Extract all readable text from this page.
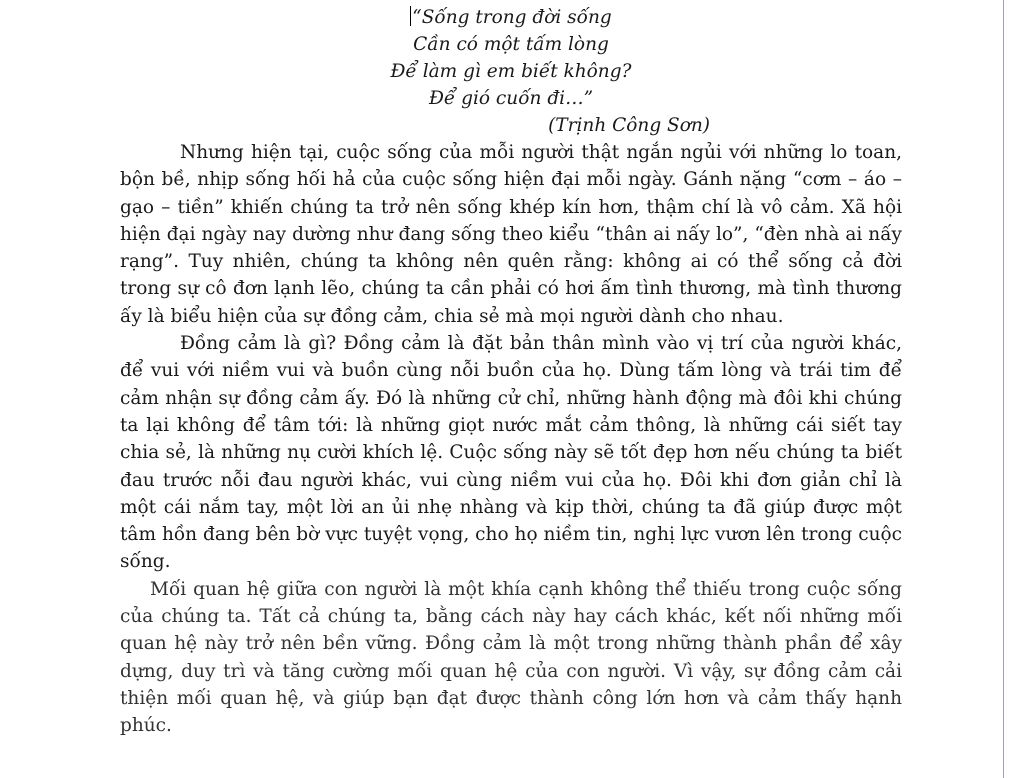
“Sống trong đời sống
Cần có một tấm lòng
Để làm gì em biết không?
Để gió cuốn đi…”
(Trịnh Công Sơn)

Nhưng hiện tại, cuộc sống của mỗi người thật ngắn ngủi với những lo toan, bộn bề, nhịp sống hối hả của cuộc sống hiện đại mỗi ngày. Gánh nặng “cơm – áo – gạo – tiền” khiến chúng ta trở nên sống khép kín hơn, thậm chí là vô cảm. Xã hội hiện đại ngày nay dường như đang sống theo kiểu “thân ai nấy lo”, “đèn nhà ai nấy rạng”. Tuy nhiên, chúng ta không nên quên rằng: không ai có thể sống cả đời trong sự cô đơn lạnh lẽo, chúng ta cần phải có hơi ấm tình thương, mà tình thương ấy là biểu hiện của sự đồng cảm, chia sẻ mà mọi người dành cho nhau.

Đồng cảm là gì? Đồng cảm là đặt bản thân mình vào vị trí của người khác, để vui với niềm vui và buồn cùng nỗi buồn của họ. Dùng tấm lòng và trái tim để cảm nhận sự đồng cảm ấy. Đó là những cử chỉ, những hành động mà đôi khi chúng ta lại không để tâm tới: là những giọt nước mắt cảm thông, là những cái siết tay chia sẻ, là những nụ cười khích lệ. Cuộc sống này sẽ tốt đẹp hơn nếu chúng ta biết đau trước nỗi đau người khác, vui cùng niềm vui của họ. Đôi khi đơn giản chỉ là một cái nắm tay, một lời an ủi nhẹ nhàng và kịp thời, chúng ta đã giúp được một tâm hồn đang bên bờ vực tuyệt vọng, cho họ niềm tin, nghị lực vươn lên trong cuộc sống.

Mối quan hệ giữa con người là một khía cạnh không thể thiếu trong cuộc sống của chúng ta. Tất cả chúng ta, bằng cách này hay cách khác, kết nối những mối quan hệ này trở nên bền vững. Đồng cảm là một trong những thành phần để xây dựng, duy trì và tăng cường mối quan hệ của con người. Vì vậy, sự đồng cảm cải thiện mối quan hệ, và giúp bạn đạt được thành công lớn hơn và cảm thấy hạnh phúc.
